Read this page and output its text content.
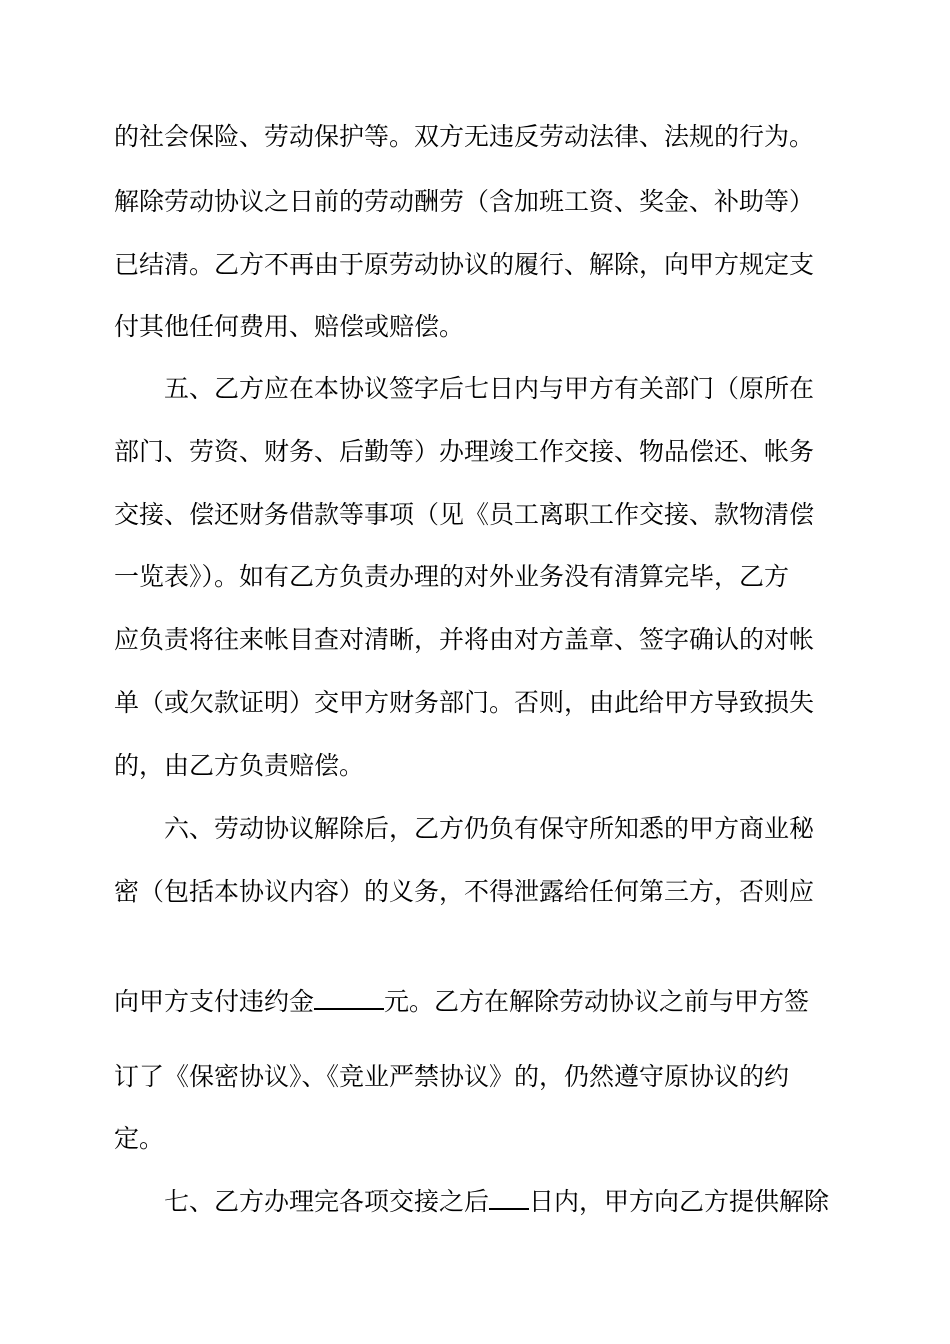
的社会保险、劳动保护等。双方无违反劳动法律、法规的行为。
解除劳动协议之日前的劳动酬劳（含加班工资、奖金、补助等）
已结清。乙方不再由于原劳动协议的履行、解除，向甲方规定支
付其他任何费用、赔偿或赔偿。
五、乙方应在本协议签字后七日内与甲方有关部门（原所在
部门、劳资、财务、后勤等）办理竣工作交接、物品偿还、帐务
交接、偿还财务借款等事项（见《员工离职工作交接、款物清偿
一览表》）。如有乙方负责办理的对外业务没有清算完毕，乙方
应负责将往来帐目查对清晰，并将由对方盖章、签字确认的对帐
单（或欠款证明）交甲方财务部门。否则，由此给甲方导致损失
的，由乙方负责赔偿。
六、劳动协议解除后，乙方仍负有保守所知悉的甲方商业秘
密（包括本协议内容）的义务，不得泄露给任何第三方，否则应
向甲方支付违约金	元。乙方在解除劳动协议之前与甲方签
订了《保密协议》、《竞业严禁协议》的，仍然遵守原协议的约
定。
七、乙方办理完各项交接之后 日内，甲方向乙方提供解除
